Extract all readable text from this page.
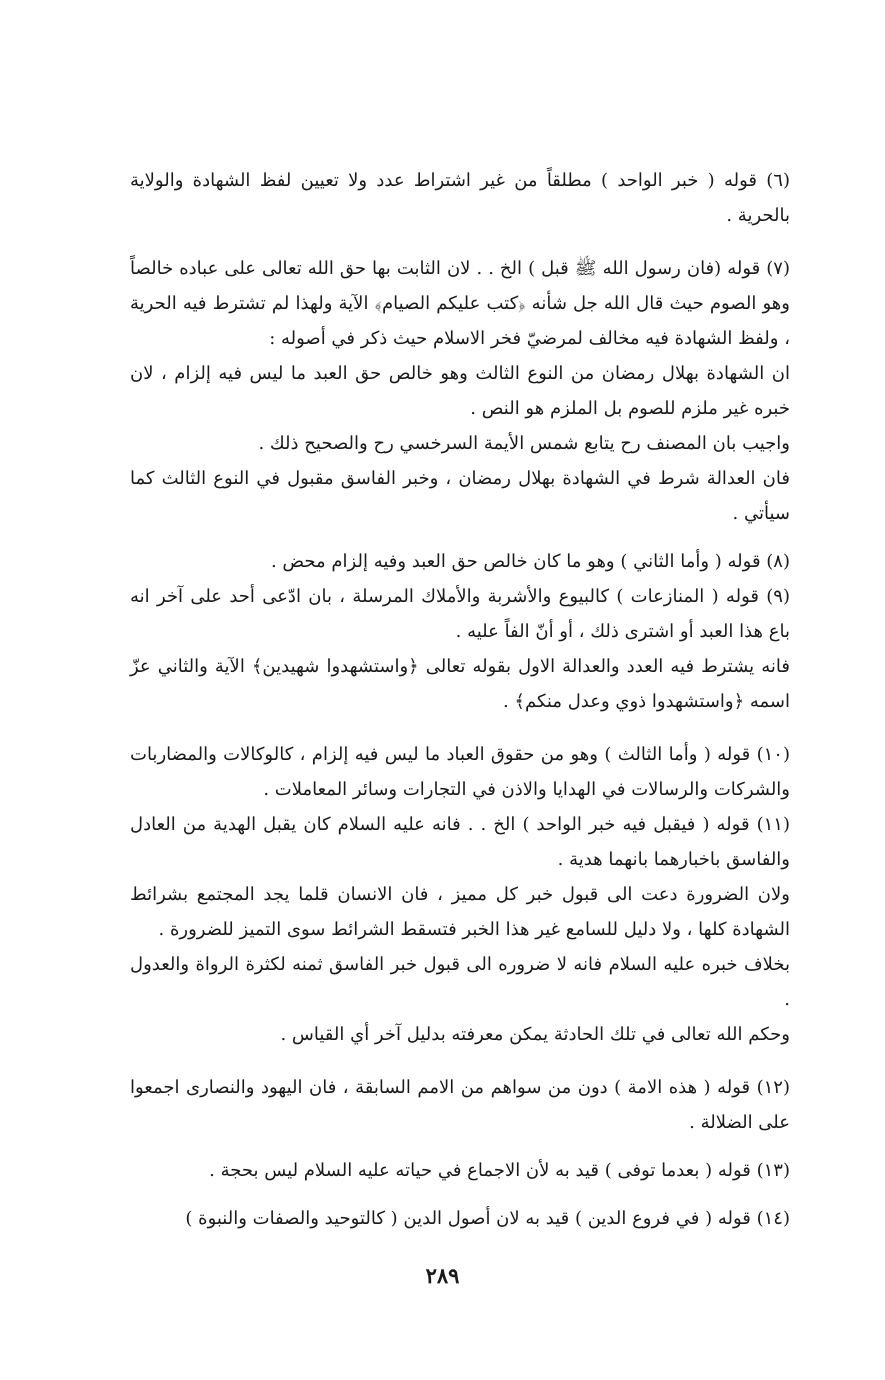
(٦) قوله ( خبر الواحد ) مطلقاً من غير اشتراط عدد ولا تعيين لفظ الشهادة والولاية بالحرية .

(٧) قوله (فان رسول الله ﷺ قبل ) الخ . . لان الثابت بها حق الله تعالى على عباده خالصاً وهو الصوم حيث قال الله جل شأنه ﴿كتب عليكم الصيام﴾ الآية ولهذا لم تشترط فيه الحرية ، ولفظ الشهادة فيه مخالف لمرضيّ فخر الاسلام حيث ذكر في أصوله :

ان الشهادة بهلال رمضان من النوع الثالث وهو خالص حق العبد ما ليس فيه إلزام ، لان خبره غير ملزم للصوم بل الملزم هو النص .

واجيب بان المصنف رح يتابع شمس الأيمة السرخسي رح والصحيح ذلك .

فان العدالة شرط في الشهادة بهلال رمضان ، وخبر الفاسق مقبول في النوع الثالث كما سيأتي .

(٨) قوله ( وأما الثاني ) وهو ما كان خالص حق العبد وفيه إلزام محض .

(٩) قوله ( المنازعات ) كالبيوع والأشربة والأملاك المرسلة ، بان ادّعى أحد على آخر انه باع هذا العبد أو اشترى ذلك ، أو أنّ الفاً عليه .

فانه يشترط فيه العدد والعدالة الاول بقوله تعالى ﴿واستشهدوا شهيدين﴾ الآية والثاني عزّ اسمه ﴿واستشهدوا ذوي وعدل منكم﴾ .

(١٠) قوله ( وأما الثالث ) وهو من حقوق العباد ما ليس فيه إلزام ، كالوكالات والمضاربات والشركات والرسالات في الهدايا والاذن في التجارات وسائر المعاملات .

(١١) قوله ( فيقبل فيه خبر الواحد ) الخ . . فانه عليه السلام كان يقبل الهدية من العادل والفاسق باخبارهما بانهما هدية .

ولان الضرورة دعت الى قبول خبر كل مميز ، فان الانسان قلما يجد المجتمع بشرائط الشهادة كلها ، ولا دليل للسامع غير هذا الخبر فتسقط الشرائط سوى التميز للضرورة .

بخلاف خبره عليه السلام فانه لا ضروره الى قبول خبر الفاسق ثمنه لكثرة الرواة والعدول .

وحكم الله تعالى في تلك الحادثة يمكن معرفته بدليل آخر أي القياس .

(١٢) قوله ( هذه الامة ) دون من سواهم من الامم السابقة ، فان اليهود والنصارى اجمعوا على الضلالة .

(١٣) قوله ( بعدما توفى ) قيد به لأن الاجماع في حياته عليه السلام ليس بحجة .

(١٤) قوله ( في فروع الدين ) قيد به لان أصول الدين ( كالتوحيد والصفات والنبوة )

٢٨٩
